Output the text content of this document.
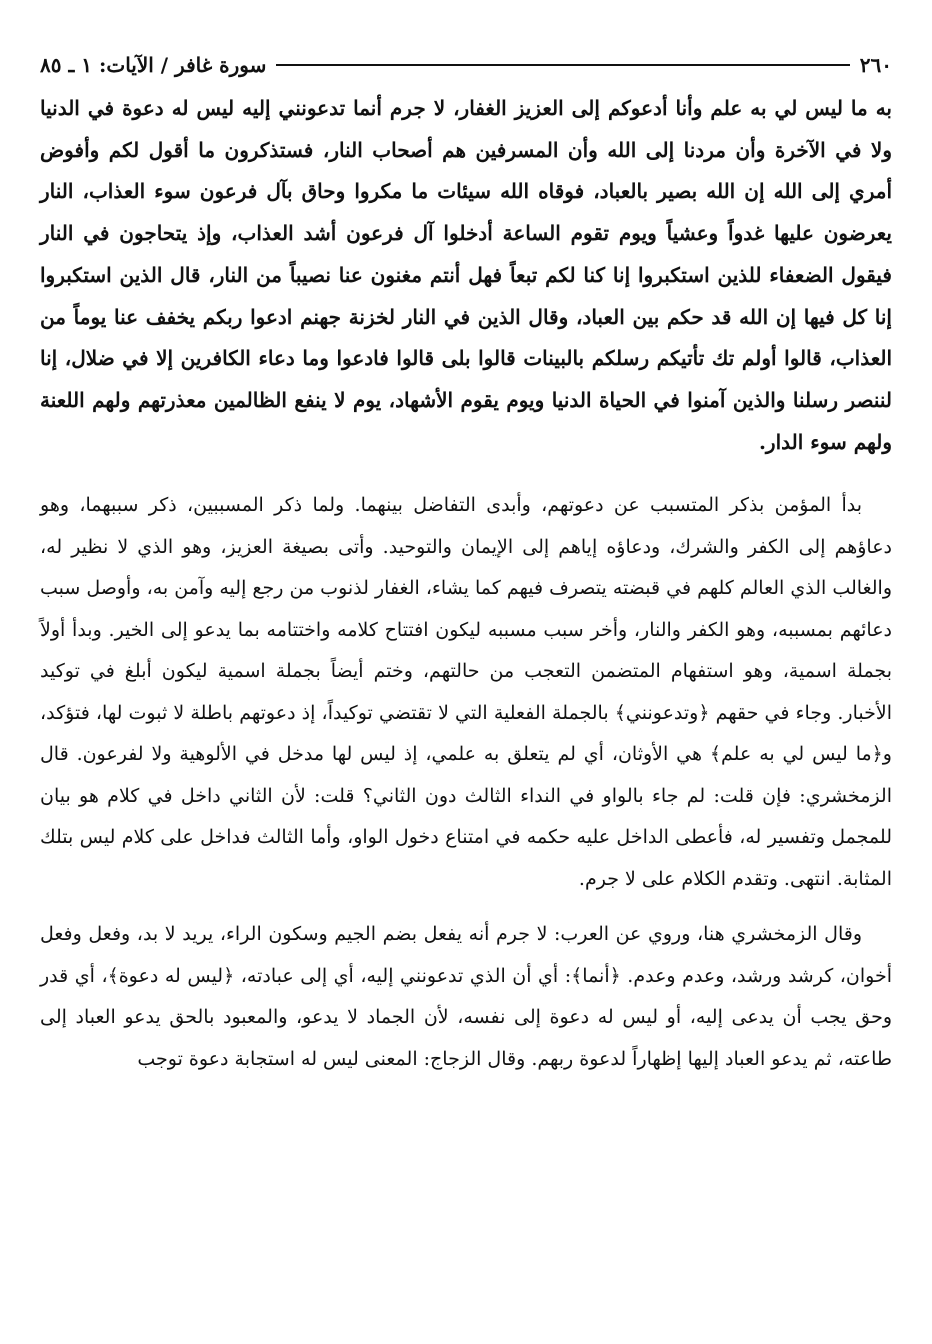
٢٦٠
سورة غافر / الآيات: ١ ـ ٨٥

به ما ليس لي به علم وأنا أدعوكم إلى العزيز الغفار، لا جرم أنما تدعونني إليه ليس له دعوة في الدنيا ولا في الآخرة وأن مردنا إلى الله وأن المسرفين هم أصحاب النار، فستذكرون ما أقول لكم وأفوض أمري إلى الله إن الله بصير بالعباد، فوقاه الله سيئات ما مكروا وحاق بآل فرعون سوء العذاب، النار يعرضون عليها غدواً وعشياً ويوم تقوم الساعة أدخلوا آل فرعون أشد العذاب، وإذ يتحاجون في النار فيقول الضعفاء للذين استكبروا إنا كنا لكم تبعاً فهل أنتم مغنون عنا نصيباً من النار، قال الذين استكبروا إنا كل فيها إن الله قد حكم بين العباد، وقال الذين في النار لخزنة جهنم ادعوا ربكم يخفف عنا يوماً من العذاب، قالوا أولم تك تأتيكم رسلكم بالبينات قالوا بلى قالوا فادعوا وما دعاء الكافرين إلا في ضلال، إنا لننصر رسلنا والذين آمنوا في الحياة الدنيا ويوم يقوم الأشهاد، يوم لا ينفع الظالمين معذرتهم ولهم اللعنة ولهم سوء الدار.

بدأ المؤمن بذكر المتسبب عن دعوتهم، وأبدى التفاضل بينهما. ولما ذكر المسببين، ذكر سببهما، وهو دعاؤهم إلى الكفر والشرك، ودعاؤه إياهم إلى الإيمان والتوحيد. وأتى بصيغة العزيز، وهو الذي لا نظير له، والغالب الذي العالم كلهم في قبضته يتصرف فيهم كما يشاء، الغفار لذنوب من رجع إليه وآمن به، وأوصل سبب دعائهم بمسببه، وهو الكفر والنار، وأخر سبب مسببه ليكون افتتاح كلامه واختتامه بما يدعو إلى الخير. وبدأ أولاً بجملة اسمية، وهو استفهام المتضمن التعجب من حالتهم، وختم أيضاً بجملة اسمية ليكون أبلغ في توكيد الأخبار. وجاء في حقهم ﴿وتدعونني﴾ بالجملة الفعلية التي لا تقتضي توكيداً، إذ دعوتهم باطلة لا ثبوت لها، فتؤكد، و﴿ما ليس لي به علم﴾ هي الأوثان، أي لم يتعلق به علمي، إذ ليس لها مدخل في الألوهية ولا لفرعون. قال الزمخشري: فإن قلت: لم جاء بالواو في النداء الثالث دون الثاني؟ قلت: لأن الثاني داخل في كلام هو بيان للمجمل وتفسير له، فأعطى الداخل عليه حكمه في امتناع دخول الواو، وأما الثالث فداخل على كلام ليس بتلك المثابة. انتهى. وتقدم الكلام على لا جرم.

وقال الزمخشري هنا، وروي عن العرب: لا جرم أنه يفعل بضم الجيم وسكون الراء، يريد لا بد، وفعل وفعل أخوان، كرشد ورشد، وعدم وعدم. ﴿أنما﴾: أي أن الذي تدعونني إليه، أي إلى عبادته، ﴿ليس له دعوة﴾، أي قدر وحق يجب أن يدعى إليه، أو ليس له دعوة إلى نفسه، لأن الجماد لا يدعو، والمعبود بالحق يدعو العباد إلى طاعته، ثم يدعو العباد إليها إظهاراً لدعوة ربهم. وقال الزجاج: المعنى ليس له استجابة دعوة توجب
